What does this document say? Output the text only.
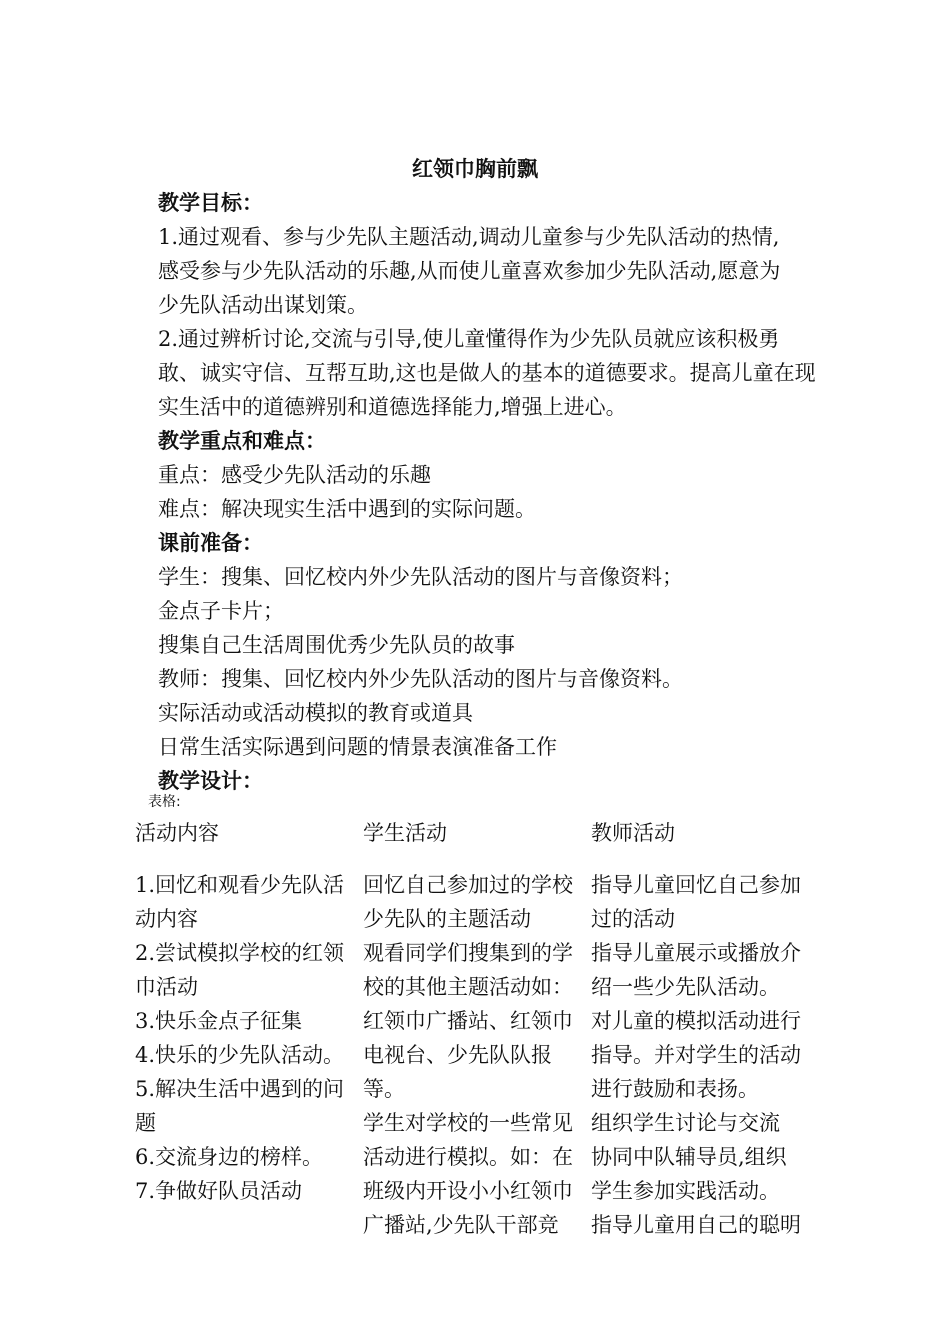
红领巾胸前飘
教学目标：
1.通过观看、参与少先队主题活动,调动儿童参与少先队活动的热情,
感受参与少先队活动的乐趣,从而使儿童喜欢参加少先队活动,愿意为
少先队活动出谋划策。
2.通过辨析讨论,交流与引导,使儿童懂得作为少先队员就应该积极勇
敢、诚实守信、互帮互助,这也是做人的基本的道德要求。提高儿童在现
实生活中的道德辨别和道德选择能力,增强上进心。
教学重点和难点：
重点：感受少先队活动的乐趣
难点：解决现实生活中遇到的实际问题。
课前准备：
学生：搜集、回忆校内外少先队活动的图片与音像资料；
金点子卡片；
搜集自己生活周围优秀少先队员的故事
教师：搜集、回忆校内外少先队活动的图片与音像资料。
实际活动或活动模拟的教育或道具
日常生活实际遇到问题的情景表演准备工作
教学设计：
表格:
活动内容	学生活动	教师活动
1.回忆和观看少先队活
动内容
2.尝试模拟学校的红领
巾活动
3.快乐金点子征集
4.快乐的少先队活动。
5.解决生活中遇到的问
题
6.交流身边的榜样。
7.争做好队员活动
回忆自己参加过的学校
少先队的主题活动
观看同学们搜集到的学
校的其他主题活动如：
红领巾广播站、红领巾
电视台、少先队队报
等。
学生对学校的一些常见
活动进行模拟。如：在
班级内开设小小红领巾
广播站,少先队干部竞
指导儿童回忆自己参加
过的活动
指导儿童展示或播放介
绍一些少先队活动。
对儿童的模拟活动进行
指导。并对学生的活动
进行鼓励和表扬。
组织学生讨论与交流
协同中队辅导员,组织
学生参加实践活动。
指导儿童用自己的聪明
